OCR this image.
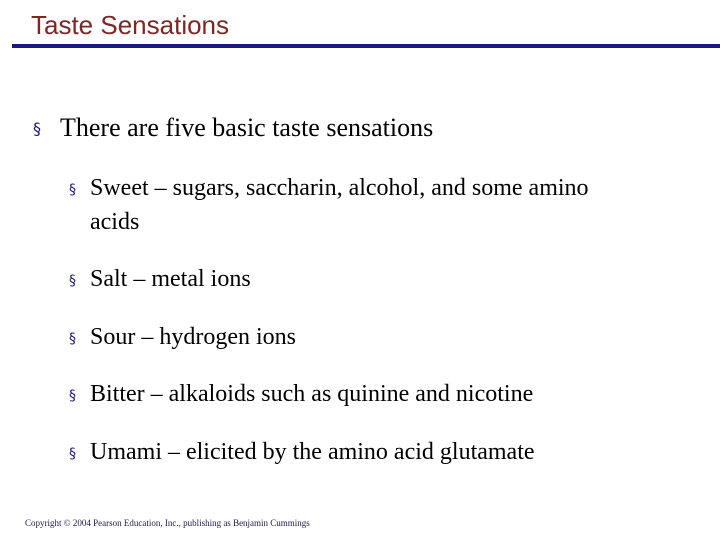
Taste Sensations
§ There are five basic taste sensations
§ Sweet – sugars, saccharin, alcohol, and some amino acids
§ Salt – metal ions
§ Sour – hydrogen ions
§ Bitter – alkaloids such as quinine and nicotine
§ Umami – elicited by the amino acid glutamate
Copyright © 2004 Pearson Education, Inc., publishing as Benjamin Cummings
